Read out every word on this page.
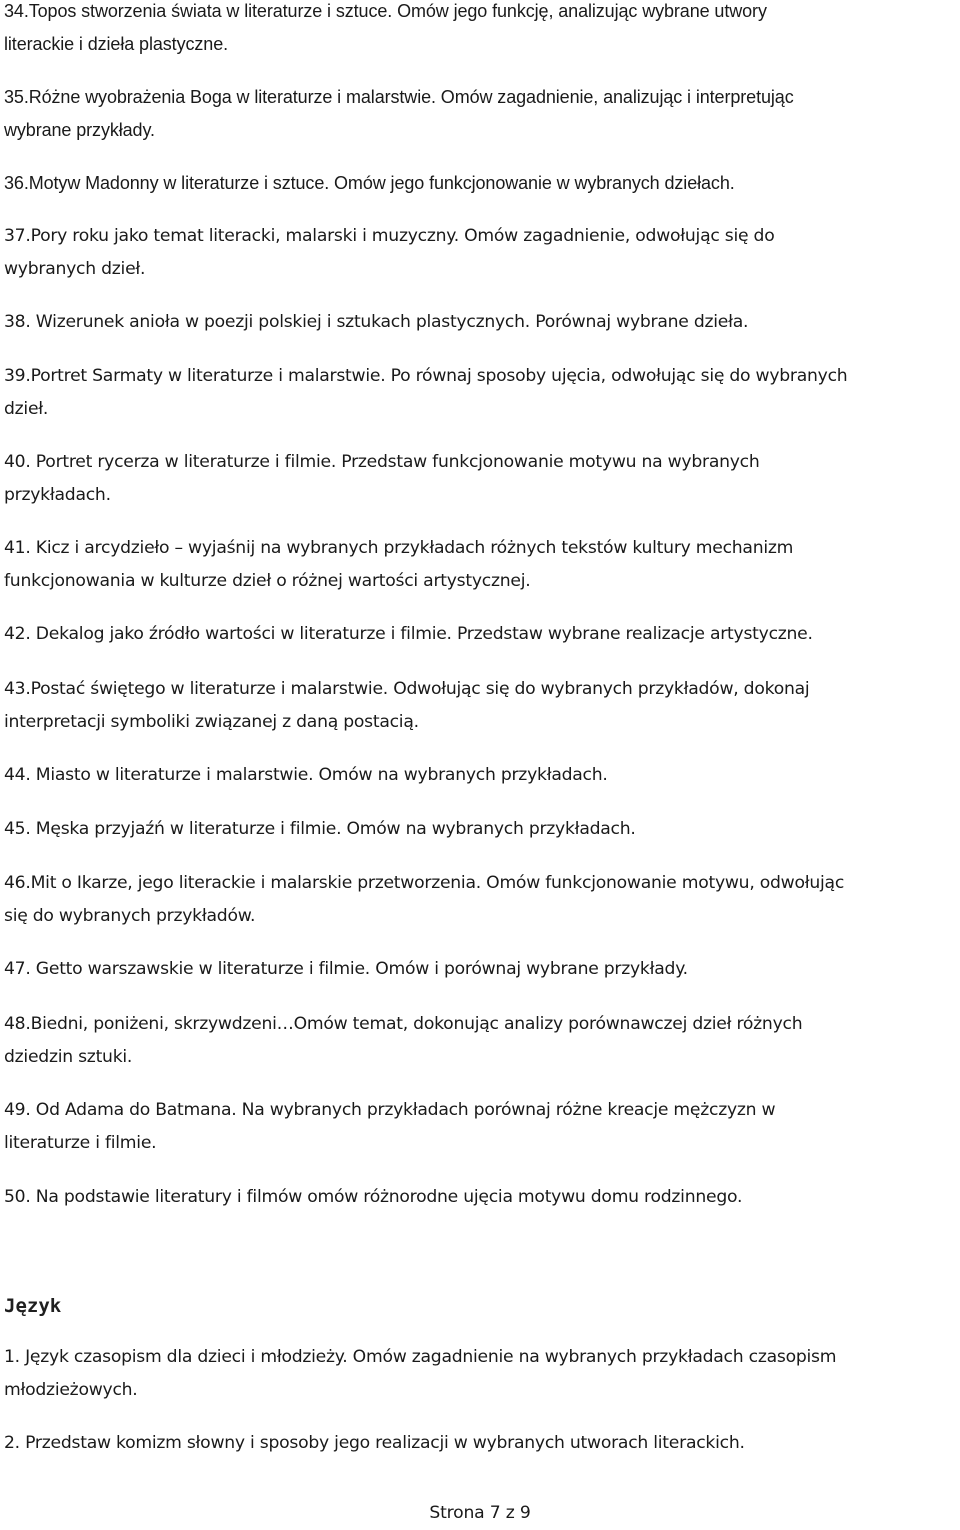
34.Topos stworzenia świata w literaturze i sztuce. Omów jego funkcję, analizując wybrane utwory
literackie i dzieła plastyczne.
35.Różne wyobrażenia Boga w literaturze i malarstwie. Omów zagadnienie, analizując i interpretując
wybrane przykłady.
36.Motyw Madonny w literaturze i sztuce. Omów jego funkcjonowanie w wybranych dziełach.
37.Pory roku jako temat literacki, malarski i muzyczny. Omów zagadnienie, odwołując się do
wybranych dzieł.
38. Wizerunek anioła w poezji polskiej i sztukach plastycznych. Porównaj wybrane dzieła.
39.Portret Sarmaty w literaturze i malarstwie. Po równaj sposoby ujęcia, odwołując się do wybranych
dzieł.
40. Portret rycerza w literaturze i filmie. Przedstaw funkcjonowanie motywu na wybranych
przykładach.
41. Kicz i arcydzieło – wyjaśnij na wybranych przykładach różnych tekstów kultury mechanizm
funkcjonowania w kulturze dzieł o różnej wartości artystycznej.
42. Dekalog jako źródło wartości w literaturze i filmie. Przedstaw wybrane realizacje artystyczne.
43.Postać świętego w literaturze i malarstwie. Odwołując się do wybranych przykładów, dokonaj
interpretacji symboliki związanej z daną postacią.
44. Miasto w literaturze i malarstwie. Omów na wybranych przykładach.
45. Męska przyjaźń w literaturze i filmie. Omów na wybranych przykładach.
46.Mit o Ikarze, jego literackie i malarskie przetworzenia. Omów funkcjonowanie motywu, odwołując
się do wybranych przykładów.
47. Getto warszawskie w literaturze i filmie. Omów i porównaj wybrane przykłady.
48.Biedni, poniżeni, skrzywdzeni…Omów temat, dokonując analizy porównawczej dzieł różnych
dziedzin sztuki.
49. Od Adama do Batmana. Na wybranych przykładach porównaj różne kreacje mężczyzn w
literaturze i filmie.
50. Na podstawie literatury i filmów omów różnorodne ujęcia motywu domu rodzinnego.
Język
1. Język czasopism dla dzieci i młodzieży. Omów zagadnienie na wybranych przykładach czasopism
młodzieżowych.
2. Przedstaw komizm słowny i sposoby jego realizacji w wybranych utworach literackich.
Strona 7 z 9
